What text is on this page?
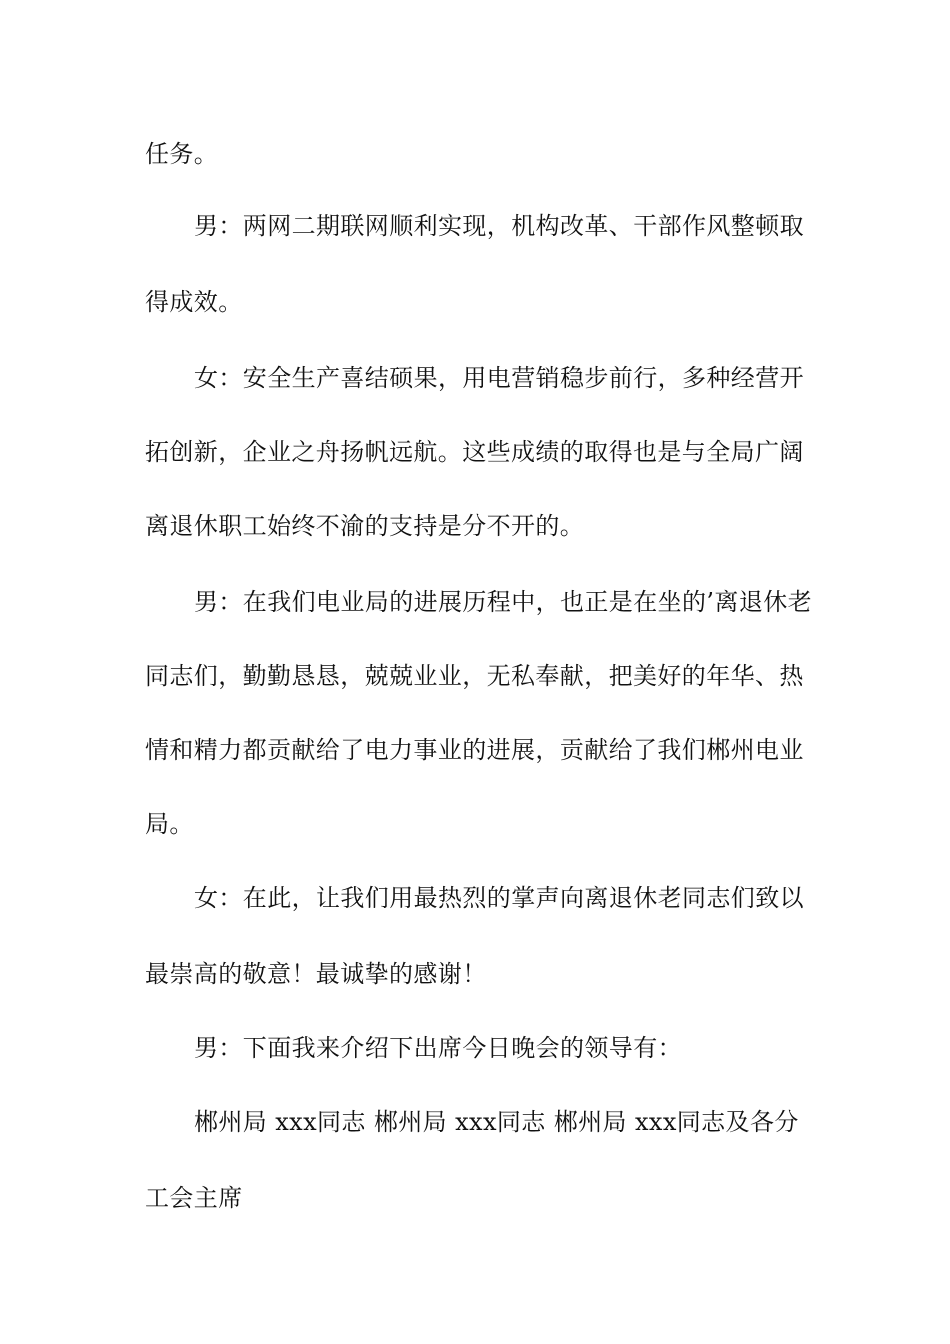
任务。
男：两网二期联网顺利实现，机构改革、干部作风整顿取
得成效。
女：安全生产喜结硕果，用电营销稳步前行，多种经营开
拓创新，企业之舟扬帆远航。这些成绩的取得也是与全局广阔
离退休职工始终不渝的支持是分不开的。
男：在我们电业局的进展历程中，也正是在坐的’离退休老
同志们，勤勤恳恳，兢兢业业，无私奉献，把美好的年华、热
情和精力都贡献给了电力事业的进展，贡献给了我们郴州电业
局。
女：在此，让我们用最热烈的掌声向离退休老同志们致以
最崇高的敬意！最诚挚的感谢！
男：下面我来介绍下出席今日晚会的领导有：
郴州局 xxx同志 郴州局 xxx同志 郴州局 xxx同志及各分
工会主席
